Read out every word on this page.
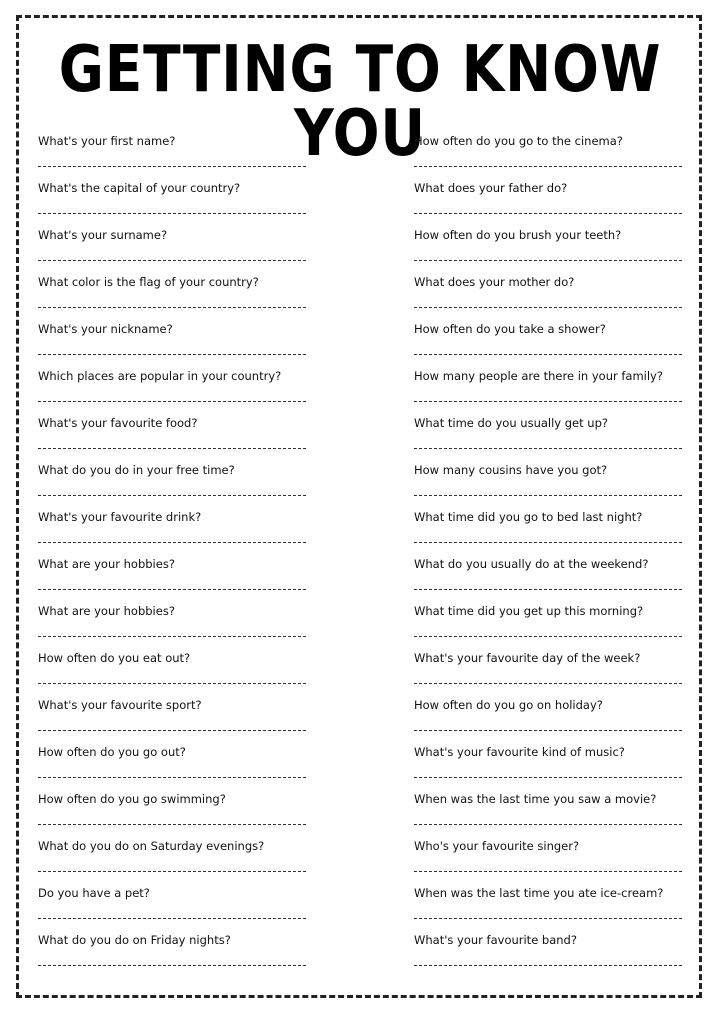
GETTING TO KNOW YOU
What's your first name?
What's the capital of your country?
What's your surname?
What color is the flag of your country?
What's your nickname?
Which places are popular in your country?
What's your favourite food?
What do you do in your free time?
What's your favourite drink?
What are your hobbies?
What are your hobbies?
How often do you eat out?
What's your favourite sport?
How often do you go out?
How often do you go swimming?
What do you do on Saturday evenings?
Do you have a pet?
What do you do on Friday nights?
How often do you go to the cinema?
What does your father do?
How often do you brush your teeth?
What does your mother do?
How often do you take a shower?
How many people are there in your family?
What time do you usually get up?
How many cousins have you got?
What time did you go to bed last night?
What do you usually do at the weekend?
What time did you get up this morning?
What's your favourite day of the week?
How often do you go on holiday?
What's your favourite kind of music?
When was the last time you saw a movie?
Who's your favourite singer?
When was the last time you ate ice-cream?
What's your favourite band?
